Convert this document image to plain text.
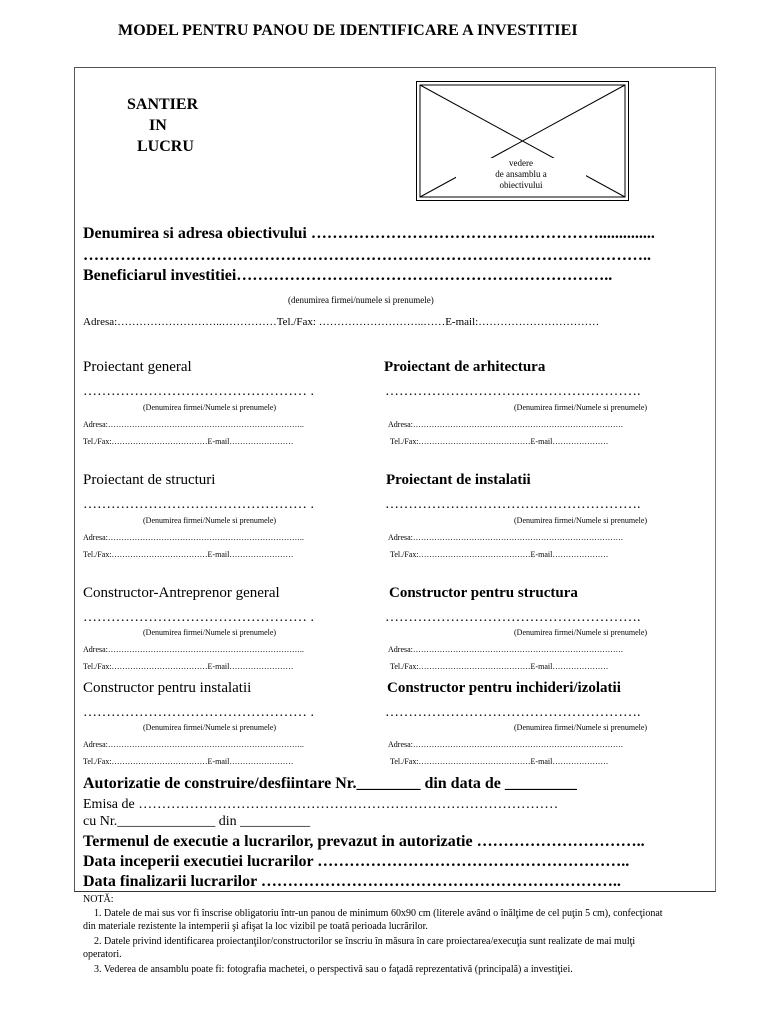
MODEL PENTRU PANOU DE IDENTIFICARE A INVESTITIEI
SANTIER
IN
LUCRU
vedere
de ansamblu a
obiectivului
Denumirea si adresa obiectivului ………………………………………………..............
……………………………………………………………………………………………..
Beneficiarul investitiei……………………………………………………………..
(denumirea firmei/numele si prenumele)
Adresa:………………………..……………Tel./Fax: ………………………..……E-mail:……………………………
Proiectant general	Proiectant de arhitectura
………………………………………… .	……………………………………………….
(Denumirea firmei/Numele si prenumele)	(Denumirea firmei/Numele si prenumele)
Adresa:………………………………………………………………..	Adresa:…………………………………………………………………….
Tel./Fax:………………………………E-mail……………………	Tel./Fax:……………………………………E-mail…………………
Proiectant de structuri	Proiectant de instalatii
………………………………………… .	……………………………………………….
(Denumirea firmei/Numele si prenumele)	(Denumirea firmei/Numele si prenumele)
Adresa:………………………………………………………………..	Adresa:…………………………………………………………………….
Tel./Fax:………………………………E-mail……………………	Tel./Fax:……………………………………E-mail…………………
Constructor-Antreprenor general	Constructor pentru structura
………………………………………… .	……………………………………………….
(Denumirea firmei/Numele si prenumele)	(Denumirea firmei/Numele si prenumele)
Adresa:………………………………………………………………..	Adresa:…………………………………………………………………….
Tel./Fax:………………………………E-mail……………………	Tel./Fax:……………………………………E-mail…………………
Constructor pentru instalatii	Constructor pentru inchideri/izolatii
………………………………………… .	……………………………………………….
(Denumirea firmei/Numele si prenumele)	(Denumirea firmei/Numele si prenumele)
Adresa:………………………………………………………………..	Adresa:…………………………………………………………………….
Tel./Fax:………………………………E-mail……………………	Tel./Fax:……………………………………E-mail…………………
Autorizatie de construire/desfiintare Nr.________ din data de _________
Emisa de ………………………………………………………………………………
cu Nr.______________ din __________
Termenul de executie a lucrarilor, prevazut in autorizatie …………………………..
Data inceperii executiei lucrarilor …………………………………………………..
Data finalizarii lucrarilor …………………………………………………………..
NOTĂ:
1. Datele de mai sus vor fi înscrise obligatoriu într-un panou de minimum 60x90 cm (literele având o înălţime de cel puţin 5 cm), confecţionat
din materiale rezistente la intemperii şi afişat la loc vizibil pe toată perioada lucrărilor.
2. Datele privind identificarea proiectanţilor/constructorilor se înscriu în măsura în care proiectarea/execuţia sunt realizate de mai mulţi
operatori.
3. Vederea de ansamblu poate fi: fotografia machetei, o perspectivă sau o faţadă reprezentativă (principală) a investiţiei.
